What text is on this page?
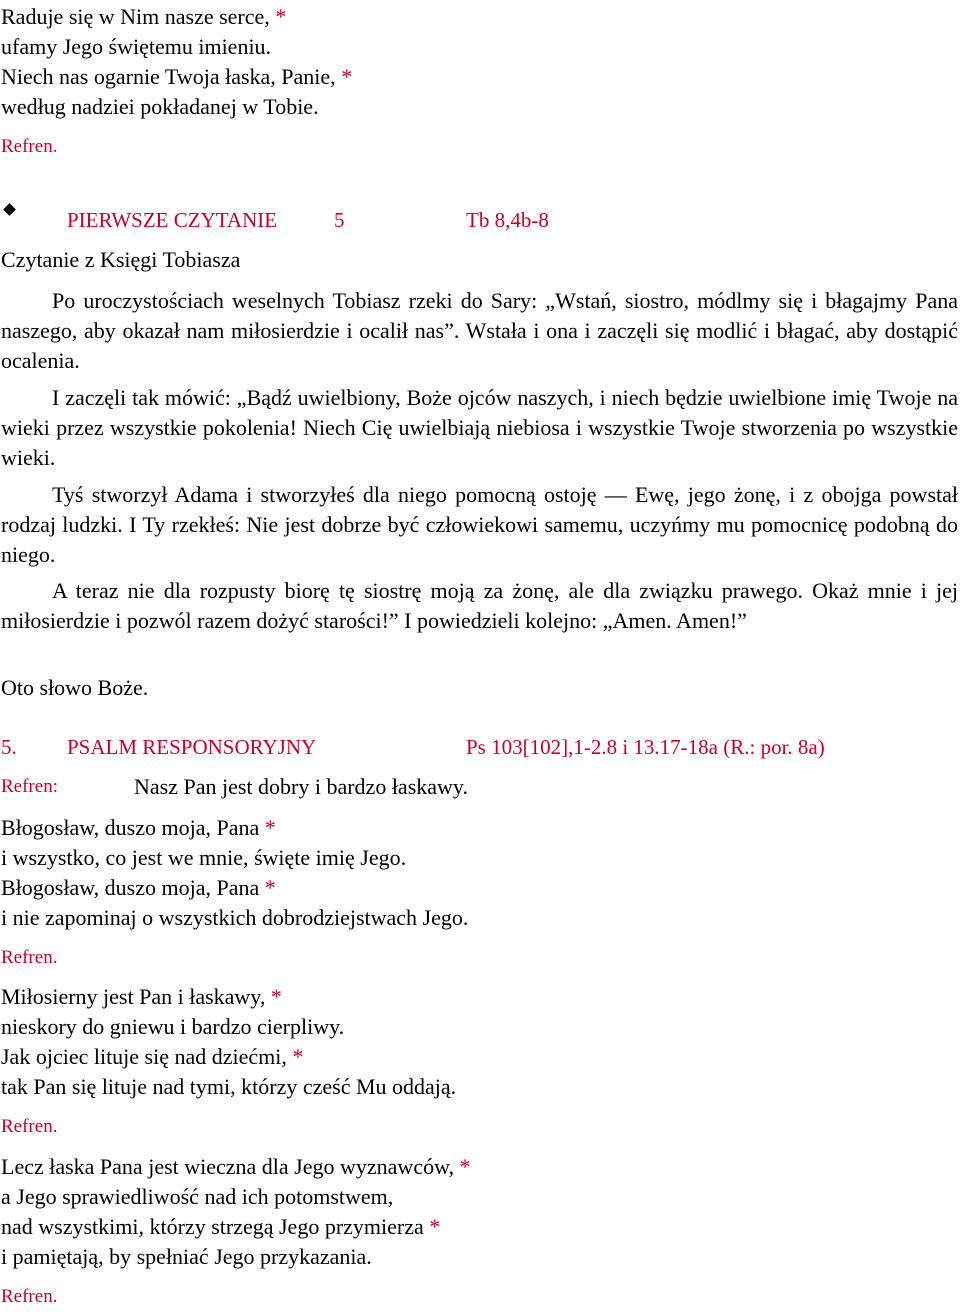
Raduje się w Nim nasze serce, *
ufamy Jego świętemu imieniu.
Niech nas ogarnie Twoja łaska, Panie, *
według nadziei pokładanej w Tobie.
Refren.
PIERWSZE CZYTANIE	5	Tb 8,4b-8
Czytanie z Księgi Tobiasza
Po uroczystościach weselnych Tobiasz rzeki do Sary: „Wstań, siostro, módlmy się i błagajmy Pana naszego, aby okazał nam miłosierdzie i ocalił nas”. Wstała i ona i zaczęli się modlić i błagać, aby dostąpić ocalenia.
I zaczęli tak mówić: „Bądź uwielbiony, Boże ojców naszych, i niech będzie uwielbione imię Twoje na wieki przez wszystkie pokolenia! Niech Cię uwielbiają niebiosa i wszystkie Twoje stworzenia po wszystkie wieki.
Tyś stworzył Adama i stworzyłeś dla niego pomocną ostoję — Ewę, jego żonę, i z obojga powstał rodzaj ludzki. I Ty rzekłeś: Nie jest dobrze być człowiekowi samemu, uczyńmy mu pomocnicę podobną do niego.
A teraz nie dla rozpusty biorę tę siostrę moją za żonę, ale dla związku prawego. Okaż mnie i jej miłosierdzie i pozwól razem dożyć starości!” I powiedzieli kolejno: „Amen. Amen!”
Oto słowo Boże.
5. PSALM RESPONSORYJNY	Ps 103[102],1-2.8 i 13.17-18a (R.: por. 8a)
Refren:	Nasz Pan jest dobry i bardzo łaskawy.
Błogosław, duszo moja, Pana *
i wszystko, co jest we mnie, święte imię Jego.
Błogosław, duszo moja, Pana *
i nie zapominaj o wszystkich dobrodziejstwach Jego.
Refren.
Miłosierny jest Pan i łaskawy, *
nieskory do gniewu i bardzo cierpliwy.
Jak ojciec lituje się nad dziećmi, *
tak Pan się lituje nad tymi, którzy cześć Mu oddają.
Refren.
Lecz łaska Pana jest wieczna dla Jego wyznawców, *
a Jego sprawiedliwość nad ich potomstwem,
nad wszystkimi, którzy strzegą Jego przymierza *
i pamiętają, by spełniać Jego przykazania.
Refren.
